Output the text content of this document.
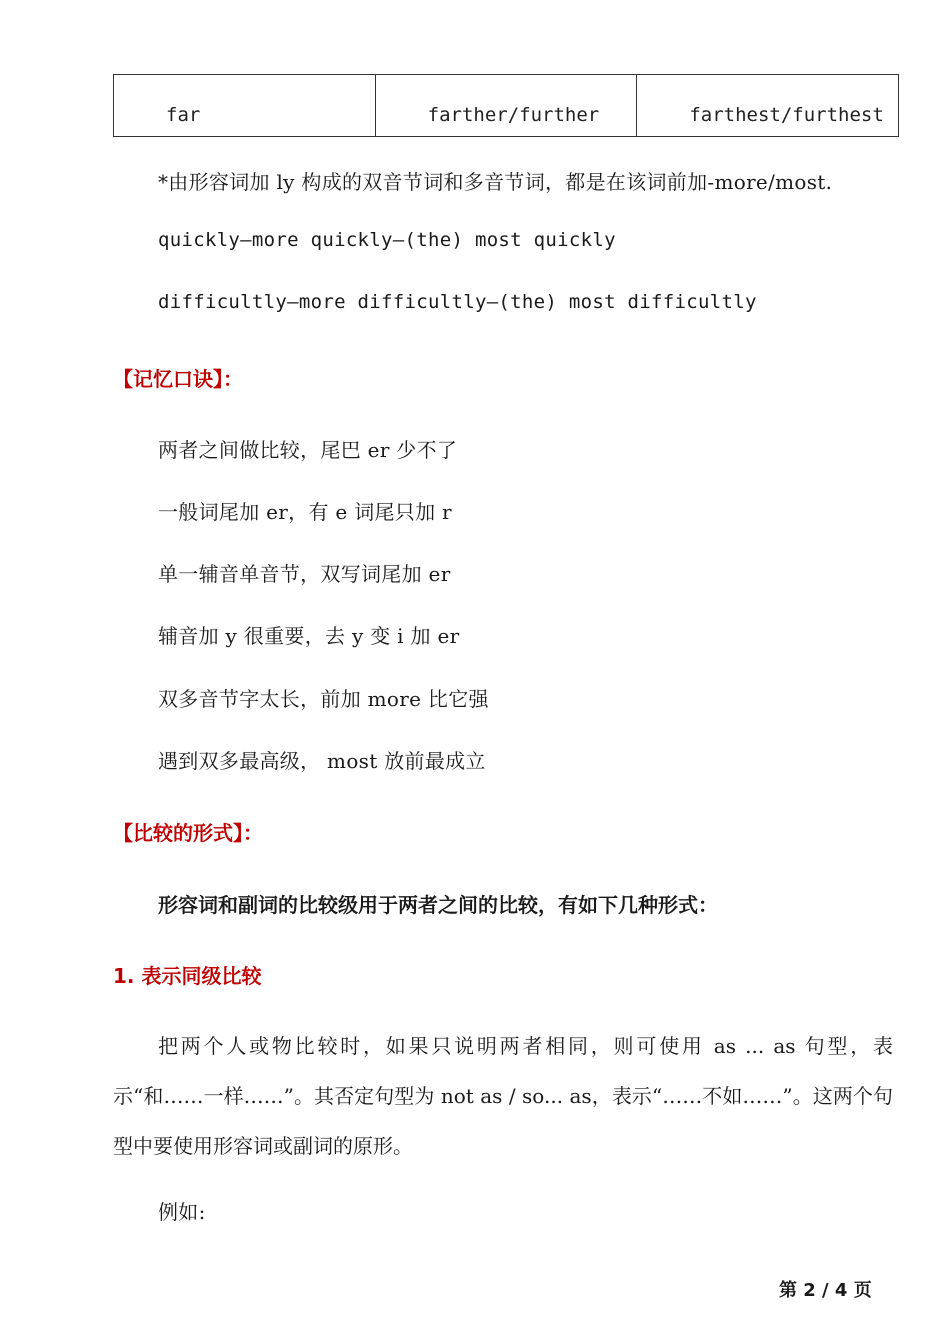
far	farther/further	farthest/furthest
*由形容词加 ly 构成的双音节词和多音节词，都是在该词前加-more/most.
quickly—more quickly—(the) most quickly
difficultly—more difficultly—(the) most difficultly
【记忆口诀】：
两者之间做比较，尾巴 er 少不了
一般词尾加 er，有 e 词尾只加 r
单一辅音单音节，双写词尾加 er
辅音加 y 很重要，去 y 变 i 加 er
双多音节字太长，前加 more 比它强
遇到双多最高级， most 放前最成立
【比较的形式】：
形容词和副词的比较级用于两者之间的比较，有如下几种形式：
1. 表示同级比较
把两个人或物比较时，如果只说明两者相同，则可使用 as ... as 句型，表示“和……一样……”。其否定句型为 not as / so... as，表示“……不如……”。这两个句型中要使用形容词或副词的原形。
例如:
第 2 / 4 页
